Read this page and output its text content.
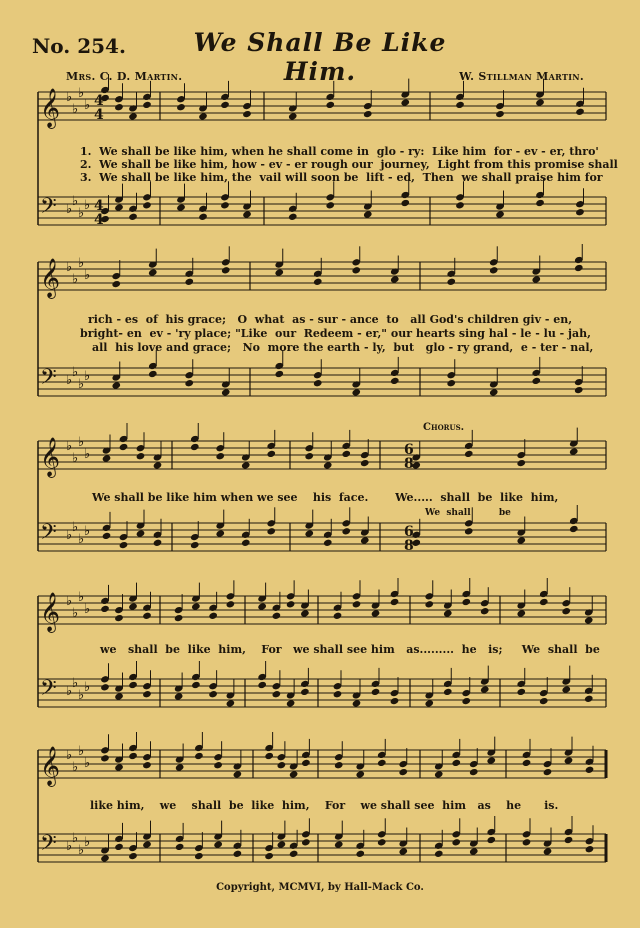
No. 254.	We Shall Be Like Him.
Mrs. C. D. Martin.	W. Stillman Martin.
𝄞 ♭
♭
♭
♭
𝄢 ♭
♭
♭
♭
4
4
4
4
𝄞 ♭
♭
♭
♭
𝄢 ♭
♭
♭
♭
𝄞 ♭
♭
♭
♭
𝄢 ♭
♭
♭
♭
6
8
6
8
𝄞 ♭
♭
♭
♭
𝄢 ♭
♭
♭
♭
𝄞 ♭
♭
♭
♭
𝄢 ♭
♭
♭
♭
1.  We shall be like him, when he shall come in  glo - ry:  Like him  for - ev - er, thro'
2.  We shall be like him, how - ev - er rough our  journey,  Light from this promise shall
3.  We shall be like him, the  vail will soon be  lift - ed,  Then  we shall praise him for
rich - es  of  his grace;   O  what  as - sur - ance  to   all God's children giv - en,
bright- en  ev - 'ry place; "Like  our  Redeem - er," our hearts sing hal - le - lu - jah,
all  his love and grace;   No  more the earth - ly,  but   glo - ry grand,  e - ter - nal,
Chorus.
We shall be like him when we see    his  face.       We.....  shall  be  like  him,
We  shall         be
we   shall  be  like  him,    For   we shall see him   as.........  he   is;     We  shall  be
like him,    we    shall  be  like  him,    For    we shall see  him   as    he      is.
Copyright, MCMVI, by Hall-Mack Co.
